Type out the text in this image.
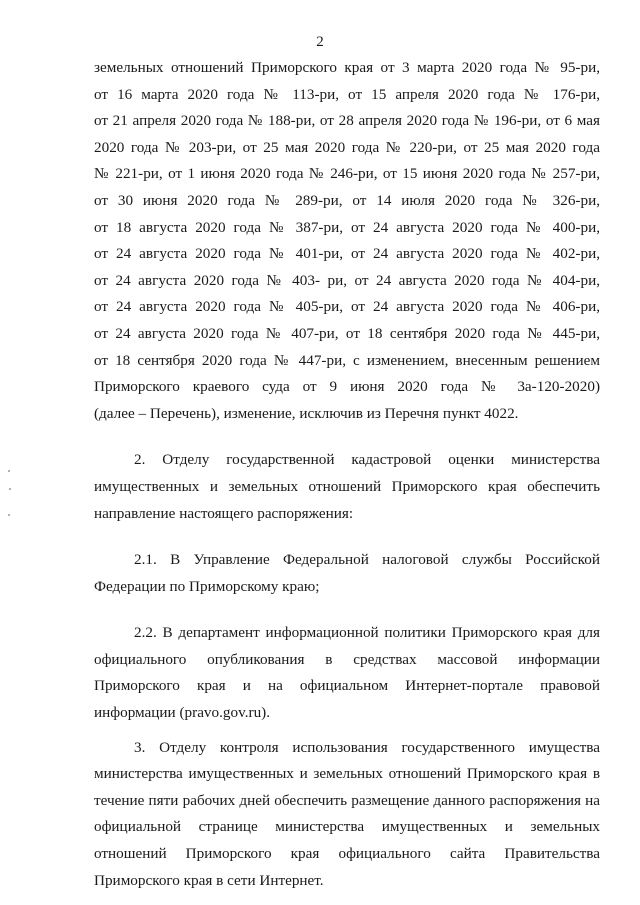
2
земельных отношений Приморского края от 3 марта 2020 года № 95-ри,
от 16 марта 2020 года № 113-ри, от 15 апреля 2020 года № 176-ри,
от 21 апреля 2020 года № 188-ри, от 28 апреля 2020 года № 196-ри, от 6 мая
2020 года № 203-ри, от 25 мая 2020 года № 220-ри, от 25 мая 2020 года
№ 221-ри, от 1 июня 2020 года № 246-ри, от 15 июня 2020 года № 257-ри,
от 30 июня 2020 года № 289-ри, от 14 июля 2020 года № 326-ри,
от 18 августа 2020 года № 387-ри, от 24 августа 2020 года № 400-ри,
от 24 августа 2020 года № 401-ри, от 24 августа 2020 года № 402-ри,
от 24 августа 2020 года № 403- ри, от 24 августа 2020 года № 404-ри,
от 24 августа 2020 года № 405-ри, от 24 августа 2020 года № 406-ри,
от 24 августа 2020 года № 407-ри, от 18 сентября 2020 года № 445-ри,
от 18 сентября 2020 года № 447-ри, с изменением, внесенным решением
Приморского краевого суда от 9 июня 2020 года № 3а-120-2020)
(далее – Перечень), изменение, исключив из Перечня пункт 4022.
2. Отделу государственной кадастровой оценки министерства
имущественных и земельных отношений Приморского края обеспечить
направление настоящего распоряжения:
2.1. В Управление Федеральной налоговой службы Российской
Федерации по Приморскому краю;
2.2. В департамент информационной политики Приморского края для
официального опубликования в средствах массовой информации
Приморского края и на официальном Интернет-портале правовой
информации (pravo.gov.ru).
3. Отделу контроля использования государственного имущества
министерства имущественных и земельных отношений Приморского края в
течение пяти рабочих дней обеспечить размещение данного распоряжения на
официальной странице министерства имущественных и земельных
отношений Приморского края официального сайта Правительства
Приморского края в сети Интернет.
